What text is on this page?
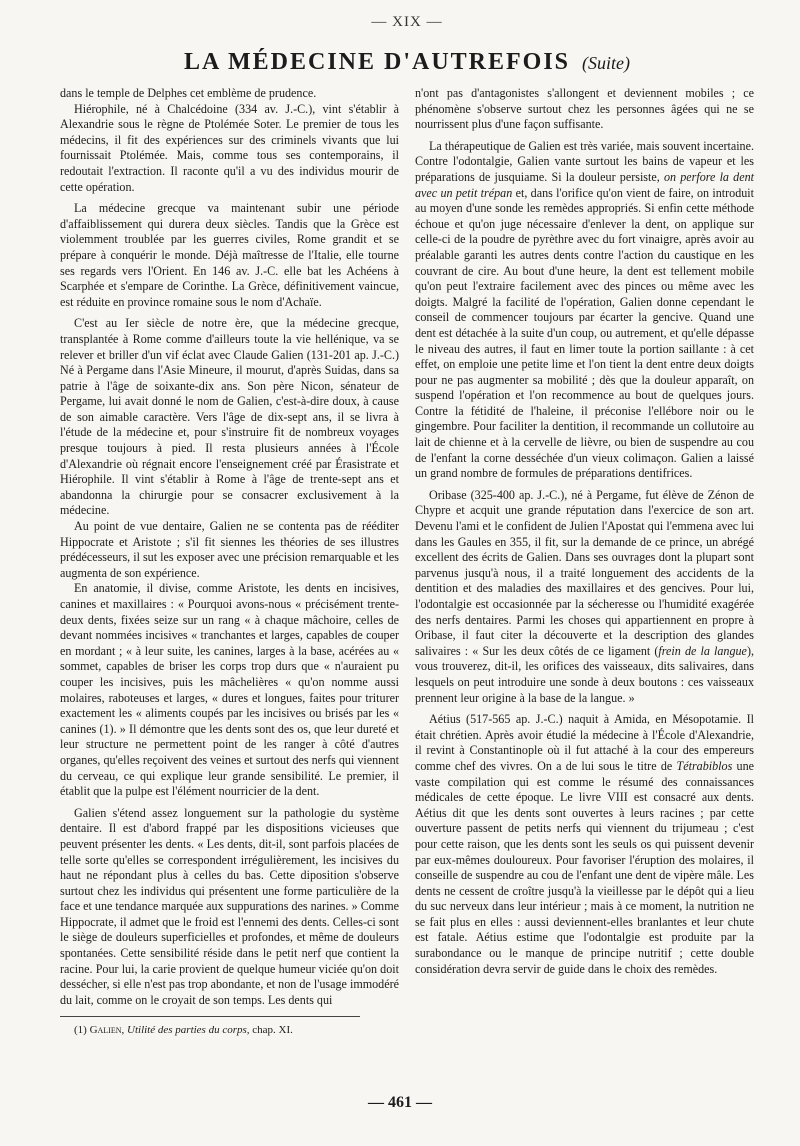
— XIX —
LA MÉDECINE D'AUTREFOIS (Suite)

dans le temple de Delphes cet emblème de prudence.

Hiérophile, né à Chalcédoine (334 av. J.-C.), vint s'établir à Alexandrie sous le règne de Ptolémée Soter. Le premier de tous les médecins, il fit des expériences sur des criminels vivants que lui fournissait Ptolémée. Mais, comme tous ses contemporains, il redoutait l'extraction. Il raconte qu'il a vu des individus mourir de cette opération.

La médecine grecque va maintenant subir une période d'affaiblissement qui durera deux siècles. Tandis que la Grèce est violemment troublée par les guerres civiles, Rome grandit et se prépare à conquérir le monde. Déjà maîtresse de l'Italie, elle tourne ses regards vers l'Orient. En 146 av. J.-C. elle bat les Achéens à Scarphée et s'empare de Corinthe. La Grèce, définitivement vaincue, est réduite en province romaine sous le nom d'Achaïe.

C'est au Ier siècle de notre ère, que la médecine grecque, transplantée à Rome comme d'ailleurs toute la vie hellénique, va se relever et briller d'un vif éclat avec Claude Galien (131-201 ap. J.-C.) Né à Pergame dans l'Asie Mineure, il mourut, d'après Suidas, dans sa patrie à l'âge de soixante-dix ans. Son père Nicon, sénateur de Pergame, lui avait donné le nom de Galien, c'est-à-dire doux, à cause de son aimable caractère. Vers l'âge de dix-sept ans, il se livra à l'étude de la médecine et, pour s'instruire fit de nombreux voyages presque toujours à pied. Il resta plusieurs années à l'École d'Alexandrie où régnait encore l'enseignement créé par Érasistrate et Hiérophile. Il vint s'établir à Rome à l'âge de trente-sept ans et abandonna la chirurgie pour se consacrer exclusivement à la médecine.

Au point de vue dentaire, Galien ne se contenta pas de rééditer Hippocrate et Aristote ; s'il fit siennes les théories de ses illustres prédécesseurs, il sut les exposer avec une précision remarquable et les augmenta de son expérience.

En anatomie, il divise, comme Aristote, les dents en incisives, canines et maxillaires : « Pourquoi avons-nous « précisément trente-deux dents, fixées seize sur un rang « à chaque mâchoire, celles de devant nommées incisives « tranchantes et larges, capables de couper en mordant ; « à leur suite, les canines, larges à la base, acérées au « sommet, capables de briser les corps trop durs que « n'auraient pu couper les incisives, puis les mâchelières « qu'on nomme aussi molaires, raboteuses et larges, « dures et longues, faites pour triturer exactement les « aliments coupés par les incisives ou brisés par les « canines (1). » Il démontre que les dents sont des os, que leur dureté et leur structure ne permettent point de les ranger à côté d'autres organes, qu'elles reçoivent des veines et surtout des nerfs qui viennent du cerveau, ce qui explique leur grande sensibilité. Le premier, il établit que la pulpe est l'élément nourricier de la dent.

Galien s'étend assez longuement sur la pathologie du système dentaire. Il est d'abord frappé par les dispositions vicieuses que peuvent présenter les dents. « Les dents, dit-il, sont parfois placées de telle sorte qu'elles se correspondent irrégulièrement, les incisives du haut ne répondant plus à celles du bas. Cette diposition s'observe surtout chez les individus qui présentent une forme particulière de la face et une tendance marquée aux suppurations des narines. » Comme Hippocrate, il admet que le froid est l'ennemi des dents. Celles-ci sont le siège de douleurs superficielles et profondes, et même de douleurs spontanées. Cette sensibilité réside dans le petit nerf que contient la racine. Pour lui, la carie provient de quelque humeur viciée qu'on doit dessécher, si elle n'est pas trop abondante, et non de l'usage immodéré du lait, comme on le croyait de son temps. Les dents qui

(1) Galien, Utilité des parties du corps, chap. XI.

n'ont pas d'antagonistes s'allongent et deviennent mobiles ; ce phénomène s'observe surtout chez les personnes âgées qui ne se nourrissent plus d'une façon suffisante.

La thérapeutique de Galien est très variée, mais souvent incertaine. Contre l'odontalgie, Galien vante surtout les bains de vapeur et les préparations de jusquiame. Si la douleur persiste, on perfore la dent avec un petit trépan et, dans l'orifice qu'on vient de faire, on introduit au moyen d'une sonde les remèdes appropriés. Si enfin cette méthode échoue et qu'on juge nécessaire d'enlever la dent, on applique sur celle-ci de la poudre de pyrèthre avec du fort vinaigre, après avoir au préalable garanti les autres dents contre l'action du caustique en les couvrant de cire. Au bout d'une heure, la dent est tellement mobile qu'on peut l'extraire facilement avec des pinces ou même avec les doigts. Malgré la facilité de l'opération, Galien donne cependant le conseil de commencer toujours par écarter la gencive. Quand une dent est détachée à la suite d'un coup, ou autrement, et qu'elle dépasse le niveau des autres, il faut en limer toute la portion saillante : à cet effet, on emploie une petite lime et l'on tient la dent entre deux doigts pour ne pas augmenter sa mobilité ; dès que la douleur apparaît, on suspend l'opération et l'on recommence au bout de quelques jours. Contre la fétidité de l'haleine, il préconise l'ellébore noir ou le gingembre. Pour faciliter la dentition, il recommande un collutoire au lait de chienne et à la cervelle de lièvre, ou bien de suspendre au cou de l'enfant la corne desséchée d'un vieux colimaçon. Galien a laissé un grand nombre de formules de préparations dentifrices.

Oribase (325-400 ap. J.-C.), né à Pergame, fut élève de Zénon de Chypre et acquit une grande réputation dans l'exercice de son art. Devenu l'ami et le confident de Julien l'Apostat qui l'emmena avec lui dans les Gaules en 355, il fit, sur la demande de ce prince, un abrégé excellent des écrits de Galien. Dans ses ouvrages dont la plupart sont parvenus jusqu'à nous, il a traité longuement des accidents de la dentition et des maladies des maxillaires et des gencives. Pour lui, l'odontalgie est occasionnée par la sécheresse ou l'humidité exagérée des nerfs dentaires. Parmi les choses qui appartiennent en propre à Oribase, il faut citer la découverte et la description des glandes salivaires : « Sur les deux côtés de ce ligament (frein de la langue), vous trouverez, dit-il, les orifices des vaisseaux, dits salivaires, dans lesquels on peut introduire une sonde à deux boutons : ces vaisseaux prennent leur origine à la base de la langue. »

Aétius (517-565 ap. J.-C.) naquit à Amida, en Mésopotamie. Il était chrétien. Après avoir étudié la médecine à l'École d'Alexandrie, il revint à Constantinople où il fut attaché à la cour des empereurs comme chef des vivres. On a de lui sous le titre de Tétrabiblos une vaste compilation qui est comme le résumé des connaissances médicales de cette époque. Le livre VIII est consacré aux dents. Aétius dit que les dents sont ouvertes à leurs racines ; par cette ouverture passent de petits nerfs qui viennent du trijumeau ; c'est pour cette raison, que les dents sont les seuls os qui puissent devenir par eux-mêmes douloureux. Pour favoriser l'éruption des molaires, il conseille de suspendre au cou de l'enfant une dent de vipère mâle. Les dents ne cessent de croître jusqu'à la vieillesse par le dépôt qui a lieu du suc nerveux dans leur intérieur ; mais à ce moment, la nutrition ne se fait plus en elles : aussi deviennent-elles branlantes et leur chute est fatale. Aétius estime que l'odontalgie est produite par la surabondance ou le manque de principe nutritif ; cette double considération devra servir de guide dans le choix des remèdes.

— 461 —
